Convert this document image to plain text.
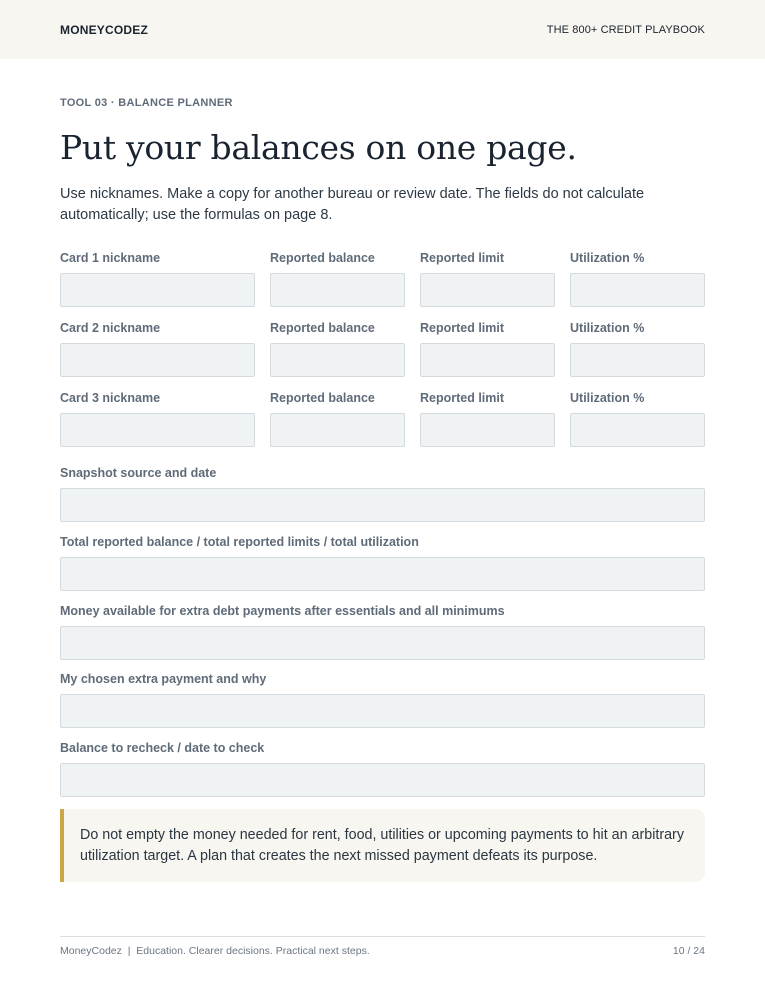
MONEYCODEZ	THE 800+ CREDIT PLAYBOOK
TOOL 03 · BALANCE PLANNER
Put your balances on one page.

Use nicknames. Make a copy for another bureau or review date. The fields do not calculate automatically; use the formulas on page 8.

Card 1 nickname	Reported balance	Reported limit	Utilization %
Card 2 nickname	Reported balance	Reported limit	Utilization %
Card 3 nickname	Reported balance	Reported limit	Utilization %
Snapshot source and date
Total reported balance / total reported limits / total utilization
Money available for extra debt payments after essentials and all minimums
My chosen extra payment and why
Balance to recheck / date to check
Do not empty the money needed for rent, food, utilities or upcoming payments to hit an arbitrary utilization target. A plan that creates the next missed payment defeats its purpose.
MoneyCodez  |  Education. Clearer decisions. Practical next steps.	10 / 24
